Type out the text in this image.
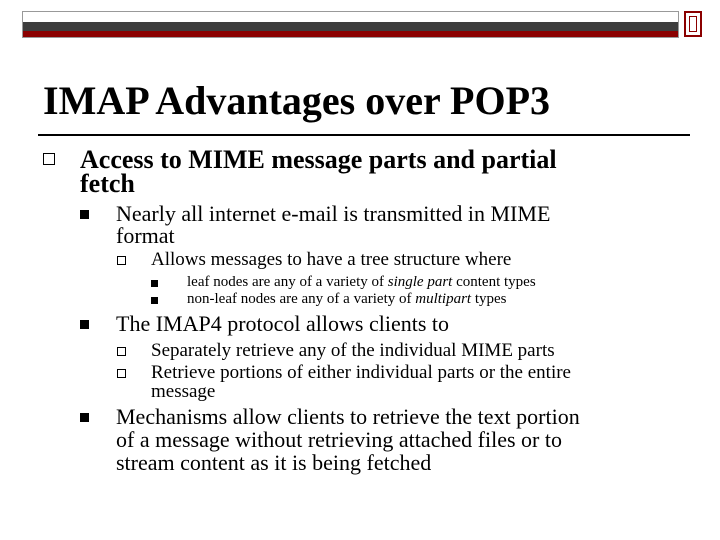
IMAP Advantages over POP3
Access to MIME message parts and partial
fetch
Nearly all internet e-mail is transmitted in MIME
format
Allows messages to have a tree structure where
leaf nodes are any of a variety of single part content types
non-leaf nodes are any of a variety of multipart types
The IMAP4 protocol allows clients to
Separately retrieve any of the individual MIME parts
Retrieve portions of either individual parts or the entire
message
Mechanisms allow clients to retrieve the text portion
of a message without retrieving attached files or to
stream content as it is being fetched
